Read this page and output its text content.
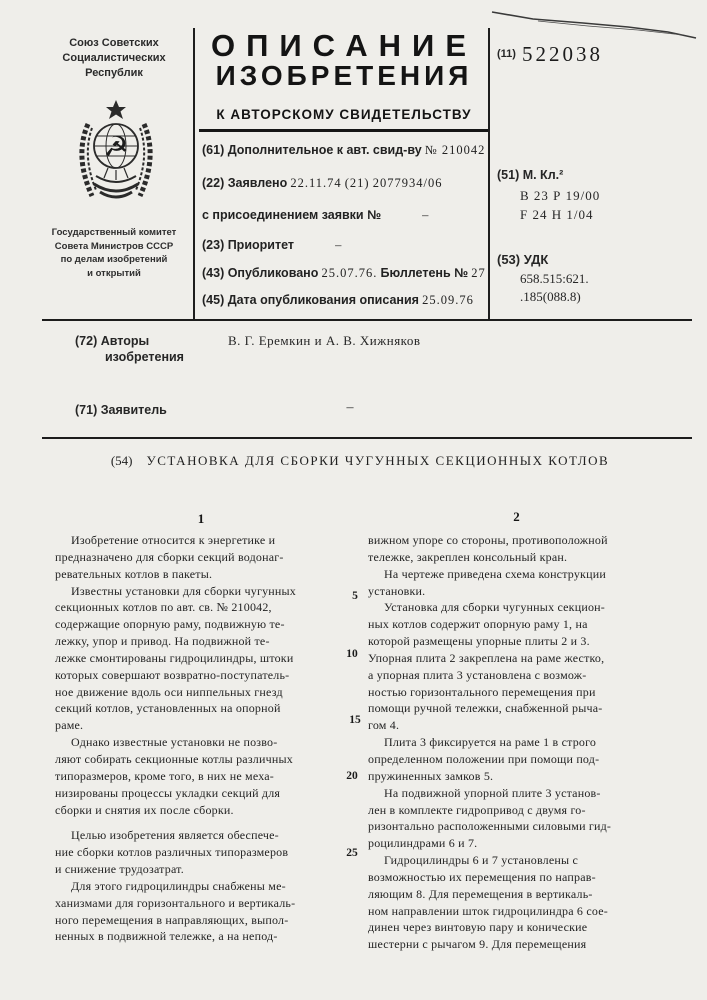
Союз Советских
Социалистических
Республик
☭
Государственный комитет
Совета Министров СССР
по делам изобретений
и открытий
ОПИСАНИЕ
ИЗОБРЕТЕНИЯ
К АВТОРСКОМУ СВИДЕТЕЛЬСТВУ
$^{(11)}$ 522038
(61) Дополнительное к авт. свид-ву № 210042
(22) Заявлено 22.11.74 (21) 2077934/06
с присоединением заявки №	–
(23) Приоритет	–
(43) Опубликовано 25.07.76. Бюллетень № 27
(45) Дата опубликования описания 25.09.76
(51) М. Кл.²
В 23 Р 19/00
F 24 Н 1/04
(53) УДК
658.515:621.
.185(088.8)
(72) Авторы изобретения
В. Г. Еремкин и А. В. Хижняков
(71) Заявитель	–
(54) УСТАНОВКА ДЛЯ СБОРКИ ЧУГУННЫХ СЕКЦИОННЫХ КОТЛОВ
1	2

Изобретение относится к энергетике и
предназначено для сборки секций водонаг-
ревательных котлов в пакеты.

Известны установки для сборки чугунных
секционных котлов по авт. св. № 210042,
содержащие опорную раму, подвижную те-
лежку, упор и привод. На подвижной те-
лежке смонтированы гидроцилиндры, штоки
которых совершают возвратно-поступатель-
ное движение вдоль оси ниппельных гнезд
секций котлов, установленных на опорной
раме.

Однако известные установки не позво-
ляют собирать секционные котлы различных
типоразмеров, кроме того, в них не меха-
низированы процессы укладки секций для
сборки и снятия их после сборки.

Целью изобретения является обеспече-
ние сборки котлов различных типоразмеров
и снижение трудозатрат.

Для этого гидроцилиндры снабжены ме-
ханизмами для горизонтального и вертикаль-
ного перемещения в направляющих, выпол-
ненных в подвижной тележке, а на непод-

вижном упоре со стороны, противоположной
тележке, закреплен консольный кран.

На чертеже приведена схема конструкции
установки.

Установка для сборки чугунных секцион-
ных котлов содержит опорную раму 1, на
которой размещены упорные плиты 2 и 3.
Упорная плита 2 закреплена на раме жестко,
а упорная плита 3 установлена с возмож-
ностью горизонтального перемещения при
помощи ручной тележки, снабженной рыча-
гом 4.

Плита 3 фиксируется на раме 1 в строго
определенном положении при помощи под-
пружиненных замков 5.

На подвижной упорной плите 3 установ-
лен в комплекте гидропривод с двумя го-
ризонтально расположенными силовыми гид-
роцилиндрами 6 и 7.

Гидроцилиндры 6 и 7 установлены с
возможностью их перемещения по направ-
ляющим 8. Для перемещения в вертикаль-
ном направлении шток гидроцилиндра 6 сое-
динен через винтовую пару и конические
шестерни с рычагом 9. Для перемещения

5
10
15
20
25
